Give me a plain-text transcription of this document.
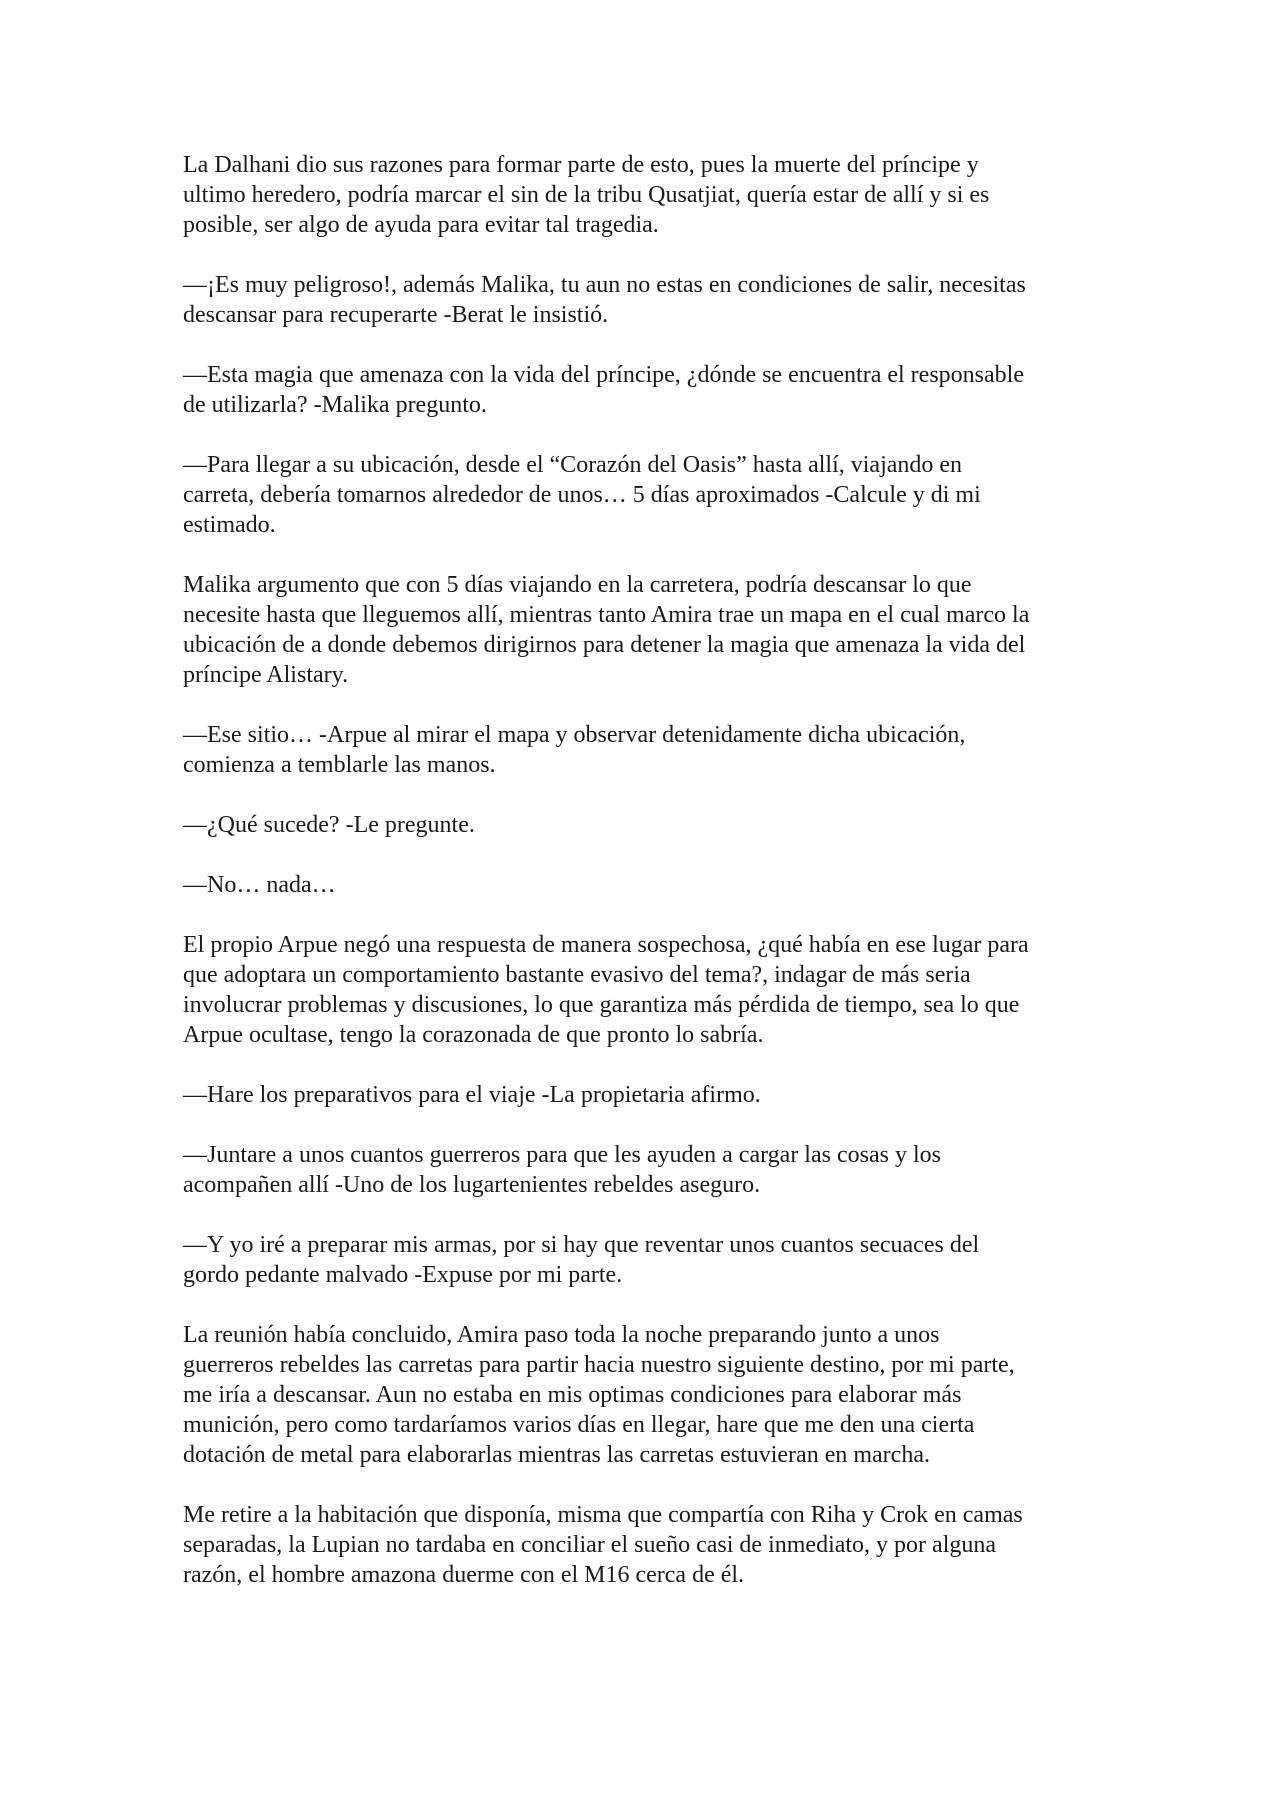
La Dalhani dio sus razones para formar parte de esto, pues la muerte del príncipe y
ultimo heredero, podría marcar el sin de la tribu Qusatjiat, quería estar de allí y si es
posible, ser algo de ayuda para evitar tal tragedia.

—¡Es muy peligroso!, además Malika, tu aun no estas en condiciones de salir, necesitas
descansar para recuperarte -Berat le insistió.

—Esta magia que amenaza con la vida del príncipe, ¿dónde se encuentra el responsable
de utilizarla? -Malika pregunto.

—Para llegar a su ubicación, desde el “Corazón del Oasis” hasta allí, viajando en
carreta, debería tomarnos alrededor de unos… 5 días aproximados -Calcule y di mi
estimado.

Malika argumento que con 5 días viajando en la carretera, podría descansar lo que
necesite hasta que lleguemos allí, mientras tanto Amira trae un mapa en el cual marco la
ubicación de a donde debemos dirigirnos para detener la magia que amenaza la vida del
príncipe Alistary.

—Ese sitio… -Arpue al mirar el mapa y observar detenidamente dicha ubicación,
comienza a temblarle las manos.

—¿Qué sucede? -Le pregunte.

—No… nada…

El propio Arpue negó una respuesta de manera sospechosa, ¿qué había en ese lugar para
que adoptara un comportamiento bastante evasivo del tema?, indagar de más seria
involucrar problemas y discusiones, lo que garantiza más pérdida de tiempo, sea lo que
Arpue ocultase, tengo la corazonada de que pronto lo sabría.

—Hare los preparativos para el viaje -La propietaria afirmo.

—Juntare a unos cuantos guerreros para que les ayuden a cargar las cosas y los
acompañen allí -Uno de los lugartenientes rebeldes aseguro.

—Y yo iré a preparar mis armas, por si hay que reventar unos cuantos secuaces del
gordo pedante malvado -Expuse por mi parte.

La reunión había concluido, Amira paso toda la noche preparando junto a unos
guerreros rebeldes las carretas para partir hacia nuestro siguiente destino, por mi parte,
me iría a descansar. Aun no estaba en mis optimas condiciones para elaborar más
munición, pero como tardaríamos varios días en llegar, hare que me den una cierta
dotación de metal para elaborarlas mientras las carretas estuvieran en marcha.

Me retire a la habitación que disponía, misma que compartía con Riha y Crok en camas
separadas, la Lupian no tardaba en conciliar el sueño casi de inmediato, y por alguna
razón, el hombre amazona duerme con el M16 cerca de él.
